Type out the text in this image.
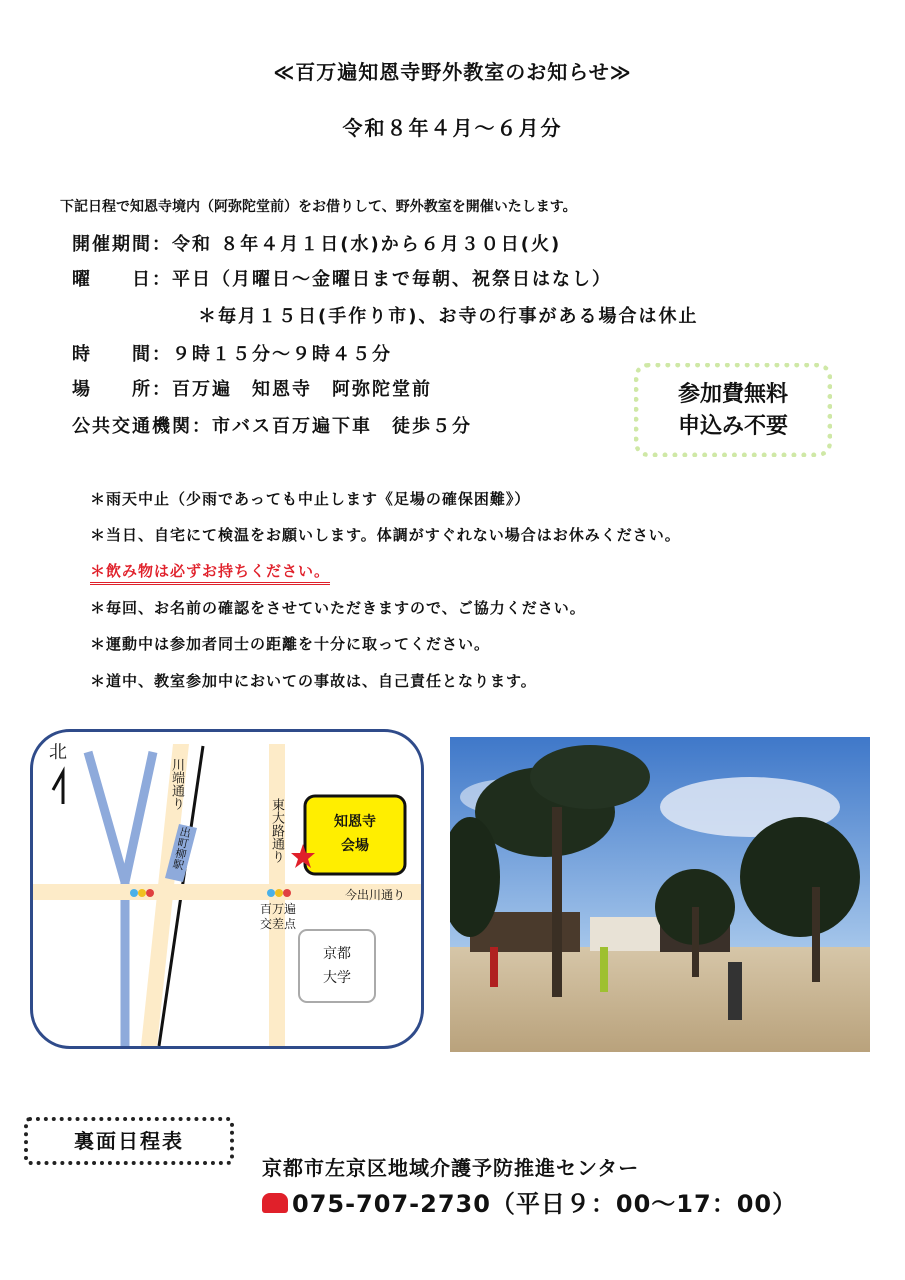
≪百万遍知恩寺野外教室のお知らせ≫
令和８年４月～６月分
下記日程で知恩寺境内（阿弥陀堂前）をお借りして、野外教室を開催いたします。
開催期間：令和 ８年４月１日(水)から６月３０日(火)
曜　　日：平日（月曜日～金曜日まで毎朝、祝祭日はなし）
＊毎月１５日(手作り市)、お寺の行事がある場合は休止
時　　間：９時１５分～９時４５分
場　　所：百万遍　知恩寺　阿弥陀堂前
公共交通機関：市バス百万遍下車　徒歩５分
参加費無料
申込み不要
＊雨天中止（少雨であっても中止します《足場の確保困難》）
＊当日、自宅にて検温をお願いします。体調がすぐれない場合はお休みください。
＊飲み物は必ずお持ちください。
＊毎回、お名前の確認をさせていただきますので、ご協力ください。
＊運動中は参加者同士の距離を十分に取ってください。
＊道中、教室参加中においての事故は、自己責任となります。
北
川端通り
出町柳駅	東大路通り	知恩寺
会場
今出川通り
百万遍
交差点
京都
大学
裏面日程表
京都市左京区地域介護予防推進センター
075-707-2730（平日９：00～17：00）
